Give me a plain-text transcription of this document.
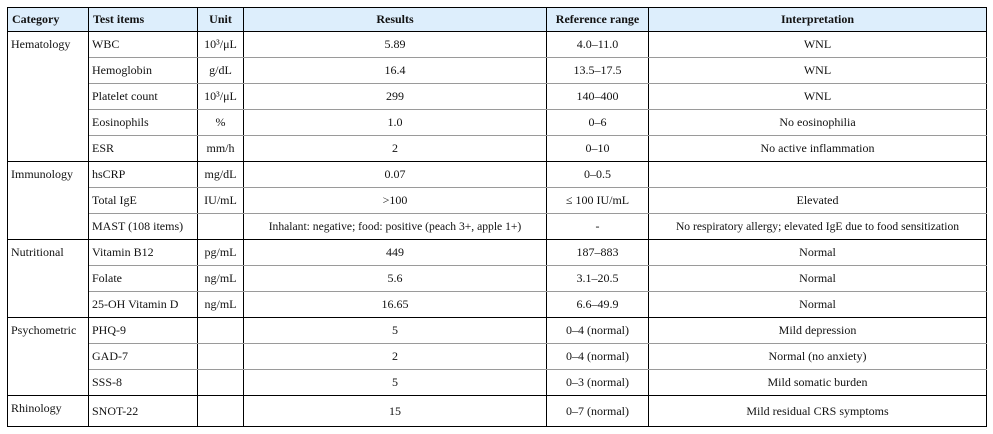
Category	Test items	Unit	Results	Reference range	Interpretation
Hematology	WBC	10³/μL	5.89	4.0–11.0	WNL
	Hemoglobin	g/dL	16.4	13.5–17.5	WNL
	Platelet count	10³/μL	299	140–400	WNL
	Eosinophils	%	1.0	0–6	No eosinophilia
	ESR	mm/h	2	0–10	No active inflammation
Immunology	hsCRP	mg/dL	0.07	0–0.5	
	Total IgE	IU/mL	>100	≤ 100 IU/mL	Elevated
	MAST (108 items)		Inhalant: negative; food: positive (peach 3+, apple 1+)	-	No respiratory allergy; elevated IgE due to food sensitization
Nutritional	Vitamin B12	pg/mL	449	187–883	Normal
	Folate	ng/mL	5.6	3.1–20.5	Normal
	25-OH Vitamin D	ng/mL	16.65	6.6–49.9	Normal
Psychometric	PHQ-9		5	0–4 (normal)	Mild depression
	GAD-7		2	0–4 (normal)	Normal (no anxiety)
	SSS-8		5	0–3 (normal)	Mild somatic burden
Rhinology	SNOT-22		15	0–7 (normal)	Mild residual CRS symptoms
